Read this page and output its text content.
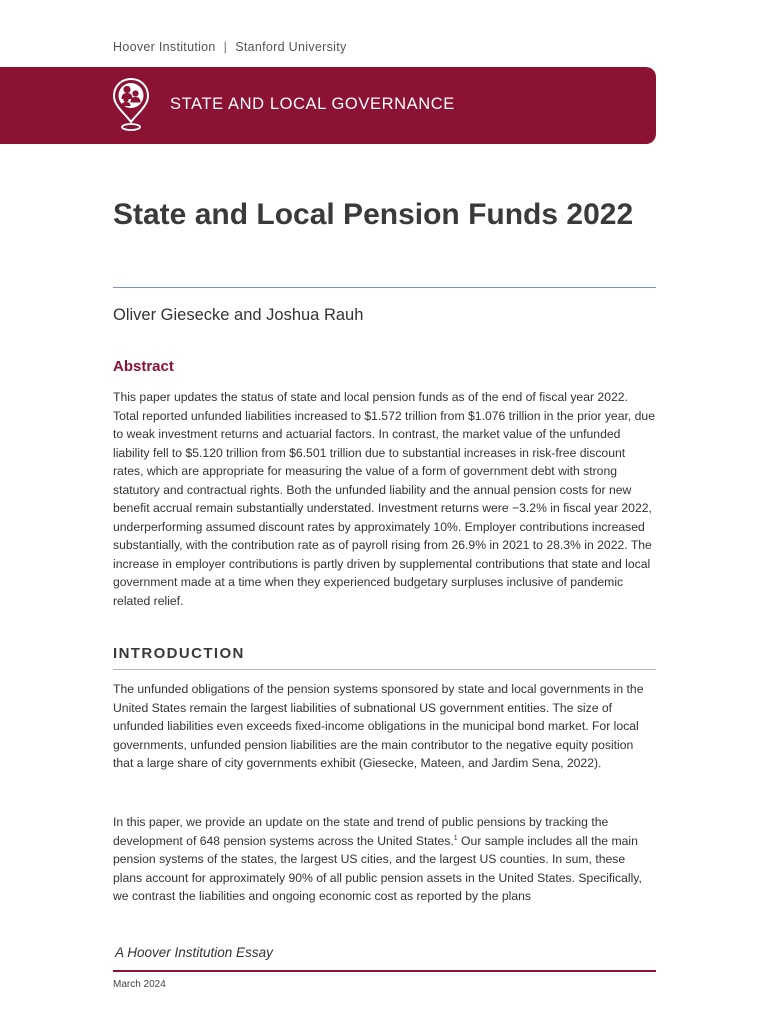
Hoover Institution | Stanford University
STATE AND LOCAL GOVERNANCE
State and Local Pension Funds 2022
Oliver Giesecke and Joshua Rauh
Abstract

This paper updates the status of state and local pension funds as of the end of fiscal year 2022. Total reported unfunded liabilities increased to $1.572 trillion from $1.076 trillion in the prior year, due to weak investment returns and actuarial factors. In contrast, the market value of the unfunded liability fell to $5.120 trillion from $6.501 trillion due to substantial increases in risk-free discount rates, which are appropriate for measuring the value of a form of government debt with strong statutory and contractual rights. Both the unfunded liability and the annual pension costs for new benefit accrual remain substantially understated. Investment returns were −3.2% in fiscal year 2022, underperforming assumed discount rates by approximately 10%. Employer contributions increased substantially, with the contribution rate as of payroll rising from 26.9% in 2021 to 28.3% in 2022. The increase in employer contributions is partly driven by supplemental contributions that state and local government made at a time when they experienced budgetary surpluses inclusive of pandemic related relief.

INTRODUCTION

The unfunded obligations of the pension systems sponsored by state and local governments in the United States remain the largest liabilities of subnational US government entities. The size of unfunded liabilities even exceeds fixed-income obligations in the municipal bond market. For local governments, unfunded pension liabilities are the main contributor to the negative equity position that a large share of city governments exhibit (Giesecke, Mateen, and Jardim Sena, 2022).

In this paper, we provide an update on the state and trend of public pensions by tracking the development of 648 pension systems across the United States.$^1$ Our sample includes all the main pension systems of the states, the largest US cities, and the largest US counties. In sum, these plans account for approximately 90% of all public pension assets in the United States. Specifically, we contrast the liabilities and ongoing economic cost as reported by the plans

A Hoover Institution Essay
March 2024
